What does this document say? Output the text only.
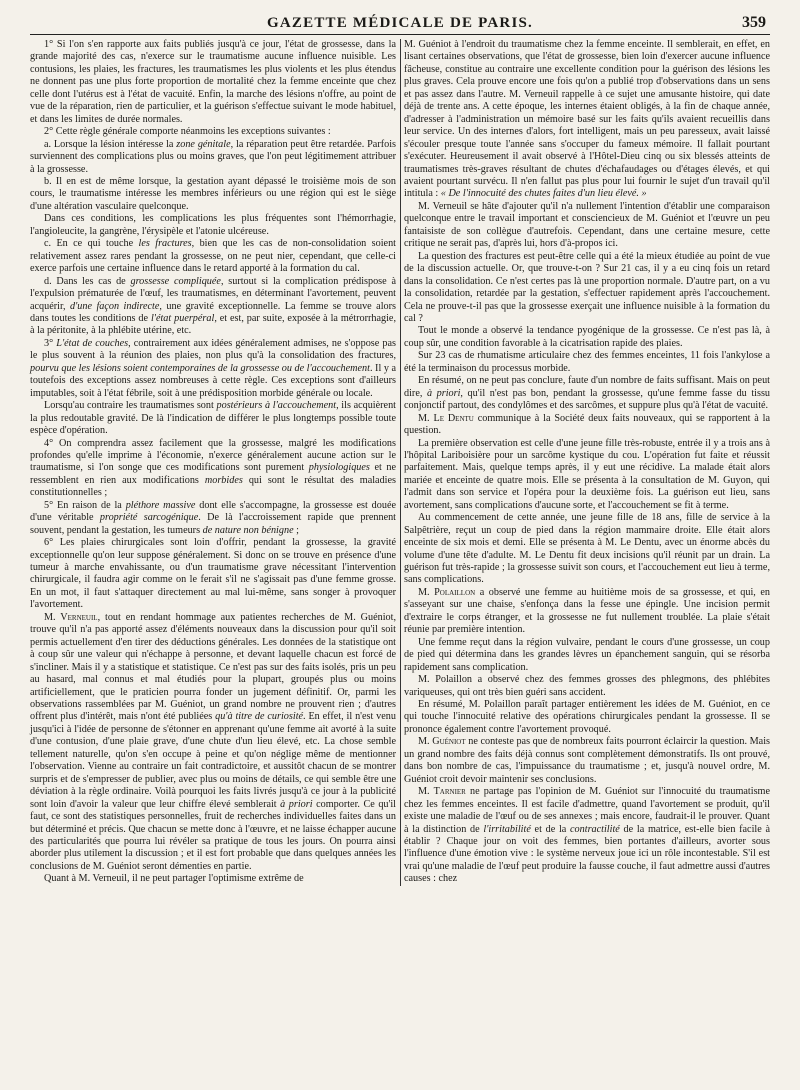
GAZETTE MÉDICALE DE PARIS.	359

1° Si l'on s'en rapporte aux faits publiés jusqu'à ce jour, l'état de grossesse, dans la grande majorité des cas, n'exerce sur le traumatisme aucune influence nuisible. Les contusions, les plaies, les fractures, les traumatismes les plus violents et les plus étendus ne donnent pas une plus forte proportion de mortalité chez la femme enceinte que chez celle dont l'utérus est à l'état de vacuité. Enfin, la marche des lésions n'offre, au point de vue de la réparation, rien de particulier, et la guérison s'effectue suivant le mode habituel, et dans les limites de durée normales.

2° Cette règle générale comporte néanmoins les exceptions suivantes :

a. Lorsque la lésion intéresse la zone génitale, la réparation peut être retardée. Parfois surviennent des complications plus ou moins graves, que l'on peut légitimement attribuer à la grossesse.

b. Il en est de même lorsque, la gestation ayant dépassé le troisième mois de son cours, le traumatisme intéresse les membres inférieurs ou une région qui est le siège d'une altération vasculaire quelconque.

Dans ces conditions, les complications les plus fréquentes sont l'hémorrhagie, l'angioleucite, la gangrène, l'érysipèle et l'atonie ulcéreuse.

c. En ce qui touche les fractures, bien que les cas de non-consolidation soient relativement assez rares pendant la grossesse, on ne peut nier, cependant, que celle-ci exerce parfois une certaine influence dans le retard apporté à la formation du cal.

d. Dans les cas de grossesse compliquée, surtout si la complication prédispose à l'expulsion prématurée de l'œuf, les traumatismes, en déterminant l'avortement, peuvent acquérir, d'une façon indirecte, une gravité exceptionnelle. La femme se trouve alors dans toutes les conditions de l'état puerpéral, et est, par suite, exposée à la métrorrhagie, à la péritonite, à la phlébite utérine, etc.

3° L'état de couches, contrairement aux idées généralement admises, ne s'oppose pas le plus souvent à la réunion des plaies, non plus qu'à la consolidation des fractures, pourvu que les lésions soient contemporaines de la grossesse ou de l'accouchement. Il y a toutefois des exceptions assez nombreuses à cette règle. Ces exceptions sont d'ailleurs imputables, soit à l'état fébrile, soit à une prédisposition morbide générale ou locale.

Lorsqu'au contraire les traumatismes sont postérieurs à l'accouchement, ils acquièrent la plus redoutable gravité. De là l'indication de différer le plus longtemps possible toute espèce d'opération.

4° On comprendra assez facilement que la grossesse, malgré les modifications profondes qu'elle imprime à l'économie, n'exerce généralement aucune action sur le traumatisme, si l'on songe que ces modifications sont purement physiologiques et ne ressemblent en rien aux modifications morbides qui sont le résultat des maladies constitutionnelles ;

5° En raison de la pléthore massive dont elle s'accompagne, la grossesse est douée d'une véritable propriété sarcogénique. De là l'accroissement rapide que prennent souvent, pendant la gestation, les tumeurs de nature non bénigne ;

6° Les plaies chirurgicales sont loin d'offrir, pendant la grossesse, la gravité exceptionnelle qu'on leur suppose généralement. Si donc on se trouve en présence d'une tumeur à marche envahissante, ou d'un traumatisme grave nécessitant l'intervention chirurgicale, il faudra agir comme on le ferait s'il ne s'agissait pas d'une femme grosse. En un mot, il faut s'attaquer directement au mal lui-même, sans songer à provoquer l'avortement.

M. Verneuil, tout en rendant hommage aux patientes recherches de M. Guéniot, trouve qu'il n'a pas apporté assez d'éléments nouveaux dans la discussion pour qu'il soit permis actuellement d'en tirer des déductions générales. Les données de la statistique ont à coup sûr une valeur qui n'échappe à personne, et devant laquelle chacun est forcé de s'incliner. Mais il y a statistique et statistique. Ce n'est pas sur des faits isolés, pris un peu au hasard, mal connus et mal étudiés pour la plupart, groupés plus ou moins artificiellement, que le praticien pourra fonder un jugement définitif. Or, parmi les observations rassemblées par M. Guéniot, un grand nombre ne prouvent rien ; d'autres offrent plus d'intérêt, mais n'ont été publiées qu'à titre de curiosité. En effet, il n'est venu jusqu'ici à l'idée de personne de s'étonner en apprenant qu'une femme ait avorté à la suite d'une contusion, d'une plaie grave, d'une chute d'un lieu élevé, etc. La chose semble tellement naturelle, qu'on s'en occupe à peine et qu'on néglige même de mentionner l'observation. Vienne au contraire un fait contradictoire, et aussitôt chacun de se montrer surpris et de s'empresser de publier, avec plus ou moins de détails, ce qui semble être une déviation à la règle ordinaire. Voilà pourquoi les faits livrés jusqu'à ce jour à la publicité sont loin d'avoir la valeur que leur chiffre élevé semblerait à priori comporter. Ce qu'il faut, ce sont des statistiques personnelles, fruit de recherches individuelles faites dans un but déterminé et précis. Que chacun se mette donc à l'œuvre, et ne laisse échapper aucune des particularités que pourra lui révéler sa pratique de tous les jours. On pourra ainsi aborder plus utilement la discussion ; et il est fort probable que dans quelques années les conclusions de M. Guéniot seront démenties en partie.

Quant à M. Verneuil, il ne peut partager l'optimisme extrême de

M. Guéniot à l'endroit du traumatisme chez la femme enceinte. Il semblerait, en effet, en lisant certaines observations, que l'état de grossesse, bien loin d'exercer aucune influence fâcheuse, constitue au contraire une excellente condition pour la guérison des lésions les plus graves. Cela prouve encore une fois qu'on a publié trop d'observations dans un sens et pas assez dans l'autre. M. Verneuil rappelle à ce sujet une amusante histoire, qui date déjà de trente ans. A cette époque, les internes étaient obligés, à la fin de chaque année, d'adresser à l'administration un mémoire basé sur les faits qu'ils avaient recueillis dans leur service. Un des internes d'alors, fort intelligent, mais un peu paresseux, avait laissé s'écouler presque toute l'année sans s'occuper du fameux mémoire. Il fallait pourtant s'exécuter. Heureusement il avait observé à l'Hôtel-Dieu cinq ou six blessés atteints de traumatismes très-graves résultant de chutes d'échafaudages ou d'étages élevés, et qui avaient pourtant survécu. Il n'en fallut pas plus pour lui fournir le sujet d'un travail qu'il intitula : « De l'innocuité des chutes faites d'un lieu élevé. »

M. Verneuil se hâte d'ajouter qu'il n'a nullement l'intention d'établir une comparaison quelconque entre le travail important et consciencieux de M. Guéniot et l'œuvre un peu fantaisiste de son collègue d'autrefois. Cependant, dans une certaine mesure, cette critique ne serait pas, d'après lui, hors d'à-propos ici.

La question des fractures est peut-être celle qui a été la mieux étudiée au point de vue de la discussion actuelle. Or, que trouve-t-on ? Sur 21 cas, il y a eu cinq fois un retard dans la consolidation. Ce n'est certes pas là une proportion normale. D'autre part, on a vu la consolidation, retardée par la gestation, s'effectuer rapidement après l'accouchement. Cela ne prouve-t-il pas que la grossesse exerçait une influence nuisible à la formation du cal ?

Tout le monde a observé la tendance pyogénique de la grossesse. Ce n'est pas là, à coup sûr, une condition favorable à la cicatrisation rapide des plaies.

Sur 23 cas de rhumatisme articulaire chez des femmes enceintes, 11 fois l'ankylose a été la terminaison du processus morbide.

En résumé, on ne peut pas conclure, faute d'un nombre de faits suffisant. Mais on peut dire, à priori, qu'il n'est pas bon, pendant la grossesse, qu'une femme fasse du tissu conjonctif partout, des condylômes et des sarcômes, et suppure plus qu'à l'état de vacuité.

M. Le Dentu communique à la Société deux faits nouveaux, qui se rapportent à la question.

La première observation est celle d'une jeune fille très-robuste, entrée il y a trois ans à l'hôpital Lariboisière pour un sarcôme kystique du cou. L'opération fut faite et réussit parfaitement. Mais, quelque temps après, il y eut une récidive. La malade était alors mariée et enceinte de quatre mois. Elle se présenta à la consultation de M. Guyon, qui l'admit dans son service et l'opéra pour la deuxième fois. La guérison eut lieu, sans avortement, sans complications d'aucune sorte, et l'accouchement se fit à terme.

Au commencement de cette année, une jeune fille de 18 ans, fille de service à la Salpêtrière, reçut un coup de pied dans la région mammaire droite. Elle était alors enceinte de six mois et demi. Elle se présenta à M. Le Dentu, avec un énorme abcès du volume d'une tête d'adulte. M. Le Dentu fit deux incisions qu'il réunit par un drain. La guérison fut très-rapide ; la grossesse suivit son cours, et l'accouchement eut lieu à terme, sans complications.

M. Polaillon a observé une femme au huitième mois de sa grossesse, et qui, en s'asseyant sur une chaise, s'enfonça dans la fesse une épingle. Une incision permit d'extraire le corps étranger, et la grossesse ne fut nullement troublée. La plaie s'était réunie par première intention.

Une femme reçut dans la région vulvaire, pendant le cours d'une grossesse, un coup de pied qui détermina dans les grandes lèvres un épanchement sanguin, qui se résorba rapidement sans complication.

M. Polaillon a observé chez des femmes grosses des phlegmons, des phlébites variqueuses, qui ont très bien guéri sans accident.

En résumé, M. Polaillon paraît partager entièrement les idées de M. Guéniot, en ce qui touche l'innocuité relative des opérations chirurgicales pendant la grossesse. Il se prononce également contre l'avortement provoqué.

M. Guéniot ne conteste pas que de nombreux faits pourront éclaircir la question. Mais un grand nombre des faits déjà connus sont complètement démonstratifs. Ils ont prouvé, dans bon nombre de cas, l'impuissance du traumatisme ; et, jusqu'à nouvel ordre, M. Guéniot croit devoir maintenir ses conclusions.

M. Tarnier ne partage pas l'opinion de M. Guéniot sur l'innocuité du traumatisme chez les femmes enceintes. Il est facile d'admettre, quand l'avortement se produit, qu'il existe une maladie de l'œuf ou de ses annexes ; mais encore, faudrait-il le prouver. Quant à la distinction de l'irritabilité et de la contractilité de la matrice, est-elle bien facile à établir ? Chaque jour on voit des femmes, bien portantes d'ailleurs, avorter sous l'influence d'une émotion vive : le système nerveux joue ici un rôle incontestable. S'il est vrai qu'une maladie de l'œuf peut produire la fausse couche, il faut admettre aussi d'autres causes : chez
